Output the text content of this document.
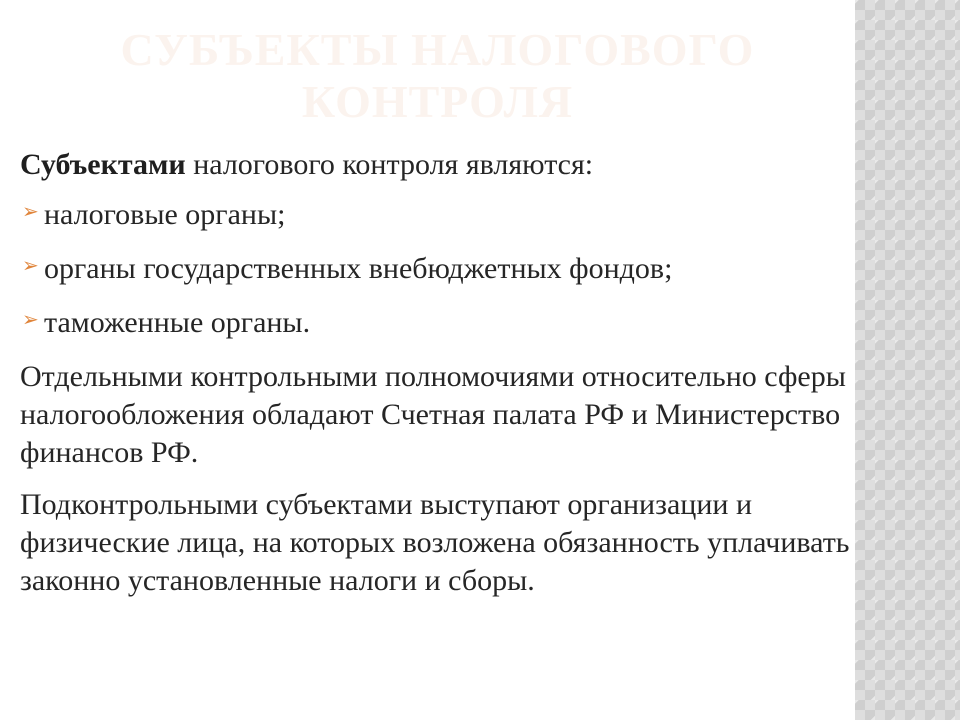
СУБЪЕКТЫ НАЛОГОВОГО КОНТРОЛЯ

Субъектами налогового контроля являются:

➢ налоговые органы;
➢ органы государственных внебюджетных фондов;
➢ таможенные органы.

Отдельными контрольными полномочиями относительно сферы налогообложения обладают Счетная палата РФ и Министерство финансов РФ.

Подконтрольными субъектами выступают организации и физические лица, на которых возложена обязанность уплачивать законно установленные налоги и сборы.
